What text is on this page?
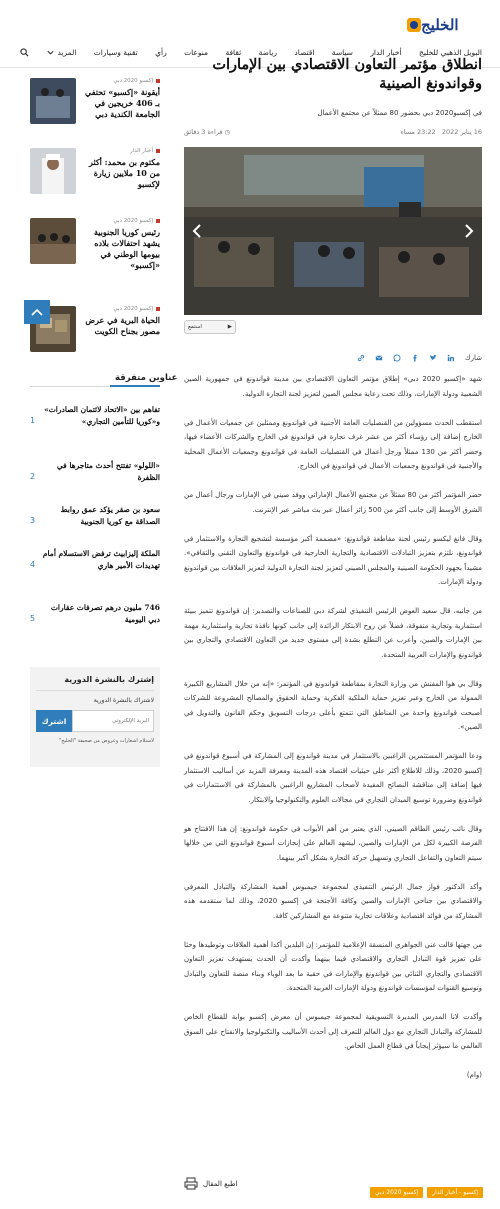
الخليج
البويل الذهبي للخليج
أخبار الدار
سياسة
اقتصاد
رياضة
ثقافة
منوعات
رأي
تقنية وسيارات
المزيد
انطلاق مؤتمر التعاون الاقتصادي بين الإمارات
وقواندونغ الصينية

في إكسبو2020 دبي بحضور 80 ممثلاً عن مجتمع الأعمال

16 يناير 2022   23:22 مساء
◷ قراءة 3 دقائق
▶
استمع
شارك

شهد «إكسبو 2020 دبي» إطلاق مؤتمر التعاون الاقتصادي بين مدينة قواندونغ في جمهورية الصين الشعبية ودولة الإمارات، وذلك تحت رعاية مجلس الصين لتعزيز لجنة التجارة الدولية.

استقطب الحدث مسؤولين من القنصليات العامة الأجنبية في قواندونغ وممثلين عن جمعيات الأعمال في الخارج إضافة إلى رؤساء أكثر من عشر غرف تجارة في قواندونغ في الخارج والشركات الأعضاء فيها، وحضر أكثر من 130 ممثلاً ورجل أعمال في القنصليات العامة في قواندونغ وجمعيات الأعمال المحلية والأجنبية في قواندونغ وجمعيات الأعمال في قواندونغ في الخارج.

حضر المؤتمر أكثر من 80 ممثلاً عن مجتمع الأعمال الإماراتي ووفد صيني في الإمارات ورجال أعمال من الشرق الأوسط إلى جانب أكثر من 500 زائر أعمال عبر بث مباشر عبر الإنترنت.

وقال فانغ ليكسو رئيس لجنة مقاطعة قواندونغ: «مصممة أكبر مؤسسة لتشجيع التجارة والاستثمار في قواندونغ، نلتزم بتعزيز التبادلات الاقتصادية والتجارية الخارجية في قواندونغ والتعاون التقني والثقافي». مشيداً بجهود الحكومة الصينية والمجلس الصيني لتعزيز لجنة التجارة الدولية لتعزيز العلاقات بين قواندونغ ودولة الإمارات.

من جانبه، قال سعيد العوض الرئيس التنفيذي لشركة دبي للصناعات والتصدير: إن قواندونغ تتميز ببيئة استثمارية وتجارية متفوقة، فضلاً عن روح الابتكار الرائدة إلى جانب كونها نافذة تجارية واستثمارية مهمة بين الإمارات والصين، وأعرب عن التطلع بشدة إلى مستوى جديد من التعاون الاقتصادي والتجاري بين قواندونغ والإمارات العربية المتحدة.

وقال بي هوا المفتش من وزارة التجارة بمقاطعة قواندونغ في المؤتمر: «إنه من خلال المشاريع الكبيرة الممولة من الخارج وعبر تعزيز حماية الملكية الفكرية وحماية الحقوق والمصالح المشروعة للشركات أصبحت قواندونغ واحدة من المناطق التي تتمتع بأعلى درجات التسويق وحكم القانون والتدويل في الصين».

ودعا المؤتمر المستثمرين الراغبين بالاستثمار في مدينة قواندونغ إلى المشاركة في أسبوع قواندونغ في إكسبو 2020، وذلك للاطلاع أكثر على حيثيات اقتصاد هذه المدينة ومعرفة المزيد عن أساليب الاستثمار فيها إضافة إلى مناقشة النصائح المفيدة لأصحاب المشاريع الراغبين بالمشاركة في الاستثمارات في قواندونغ وضرورة توسيع الميدان التجاري في مجالات العلوم والتكنولوجيا والابتكار.

وقال نائب رئيس الطاقم الصيني، الذي يعتبر من أهم الأبواب في حكومة قواندونغ: إن هذا الافتتاح هو الفرصة الكبيرة لكل من الإمارات والصين، ليشهد العالم على إنجازات أسبوع قواندونغ التي من خلالها سيتم التعاون والتفاعل التجاري وتسهيل حركة التجارة بشكل أكبر بينهما.

وأكد الدكتور فواز جمال الرئيس التنفيذي لمجموعة جيمبوس أهمية المشاركة والتبادل المعرفي والاقتصادي بين جناحي الإمارات والصين وكافة الأجنحة في إكسبو 2020، وذلك لما ستقدمه هذه المشاركة من فوائد اقتصادية وعلاقات تجارية متنوعة مع المشاركين كافة.

من جهتها قالت غني الجواهري المنسقة الإعلامية للمؤتمر: إن البلدين أكدا أهمية العلاقات وتوطيدها وحثا على تعزيز قوة التبادل التجاري والاقتصادي فيما بينهما وأكدت أن الحدث يستهدف تعزيز التعاون الاقتصادي والتجاري الثنائي بين قواندونغ والإمارات في حقبة ما بعد الوباء وبناء منصة للتعاون والتبادل وتوسيع القنوات لمؤسسات قواندونغ ودولة الإمارات العربية المتحدة.

وأكدت لانا المدرس المديرة التسويقية لمجموعة جيمبوس أن معرض إكسبو بوابة للقطاع الخاص للمشاركة والتبادل التجاري مع دول العالم للتعرف إلى أحدث الأساليب والتكنولوجيا والانفتاح على السوق العالمي ما سيؤثر إيجاباً في قطاع العمل الخاص.

(وام)

اطبع المقال
إكسبو - أخبار الدار
إكسبو 2020 دبي
إكسبو 2020 دبي
أيقونة «إكسبو» تحتفي بـ 406 خريجين في الجامعة الكندية دبي
أخبار الدار
مكتوم بن محمد: أكثر من 10 ملايين زيارة لإكسبو
إكسبو 2020 دبي
رئيس كوريا الجنوبية يشهد احتفالات بلاده بيومها الوطني في «إكسبو»
إكسبو 2020 دبي
الحياة البرية في عرض مصور بجناح الكويت
عناوين متفرقة
تفاهم بين «الاتحاد لائتمان الصادرات» و«كوريا للتأمين التجاري»
1
«اللولو» تفتتح أحدث متاجرها في الظفرة
2
سعود بن صقر يؤكد عمق روابط الصداقة مع كوريا الجنوبية
3
الملكة إليزابيث ترفض الاستسلام أمام تهديدات الأمير هاري
4
746 مليون درهم تصرفات عقارات دبي اليومية
5
إشترك بالنشرة الدورية
لاشتراك بالنشرة الدورية
البريد الإلكتروني
اشترك
لاستلام اشعارات وعروض من صحيفة "الخليج"
